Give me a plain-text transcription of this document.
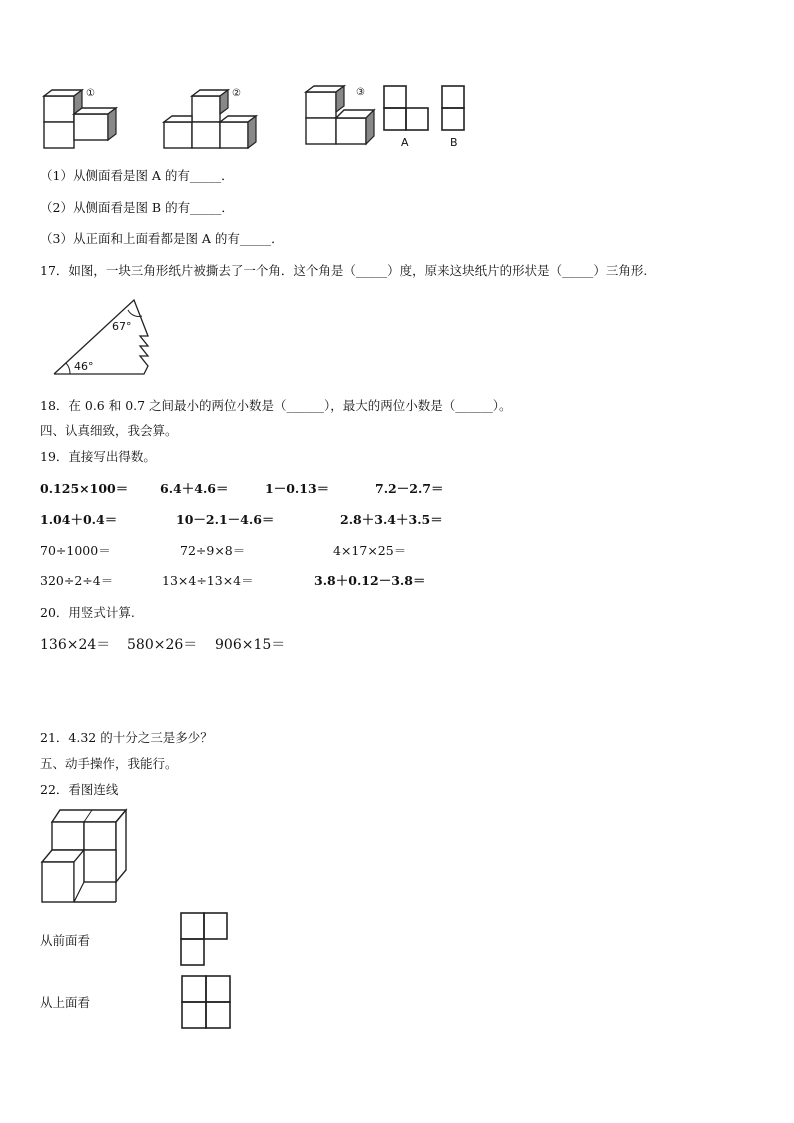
①	②	③
A	B
（1）从侧面看是图 A 的有_____．
（2）从侧面看是图 B 的有_____．
（3）从正面和上面看都是图 A 的有_____．
17．如图，一块三角形纸片被撕去了一个角．这个角是（_____）度，原来这块纸片的形状是（_____）三角形.
67°
46°
18．在 0.6 和 0.7 之间最小的两位小数是（______），最大的两位小数是（______）。
四、认真细致，我会算。
19．直接写出得数。
0.125×100＝	6.4＋4.6＝	1－0.13＝	7.2－2.7＝
1.04＋0.4＝	10－2.1－4.6＝	2.8＋3.4＋3.5＝
70÷1000＝	72÷9×8＝	4×17×25＝
320÷2÷4＝	13×4÷13×4＝	3.8＋0.12－3.8＝
20．用竖式计算.
136×24＝ 580×26＝ 906×15＝
21．4.32 的十分之三是多少？
五、动手操作，我能行。
22．看图连线
从前面看
从上面看
